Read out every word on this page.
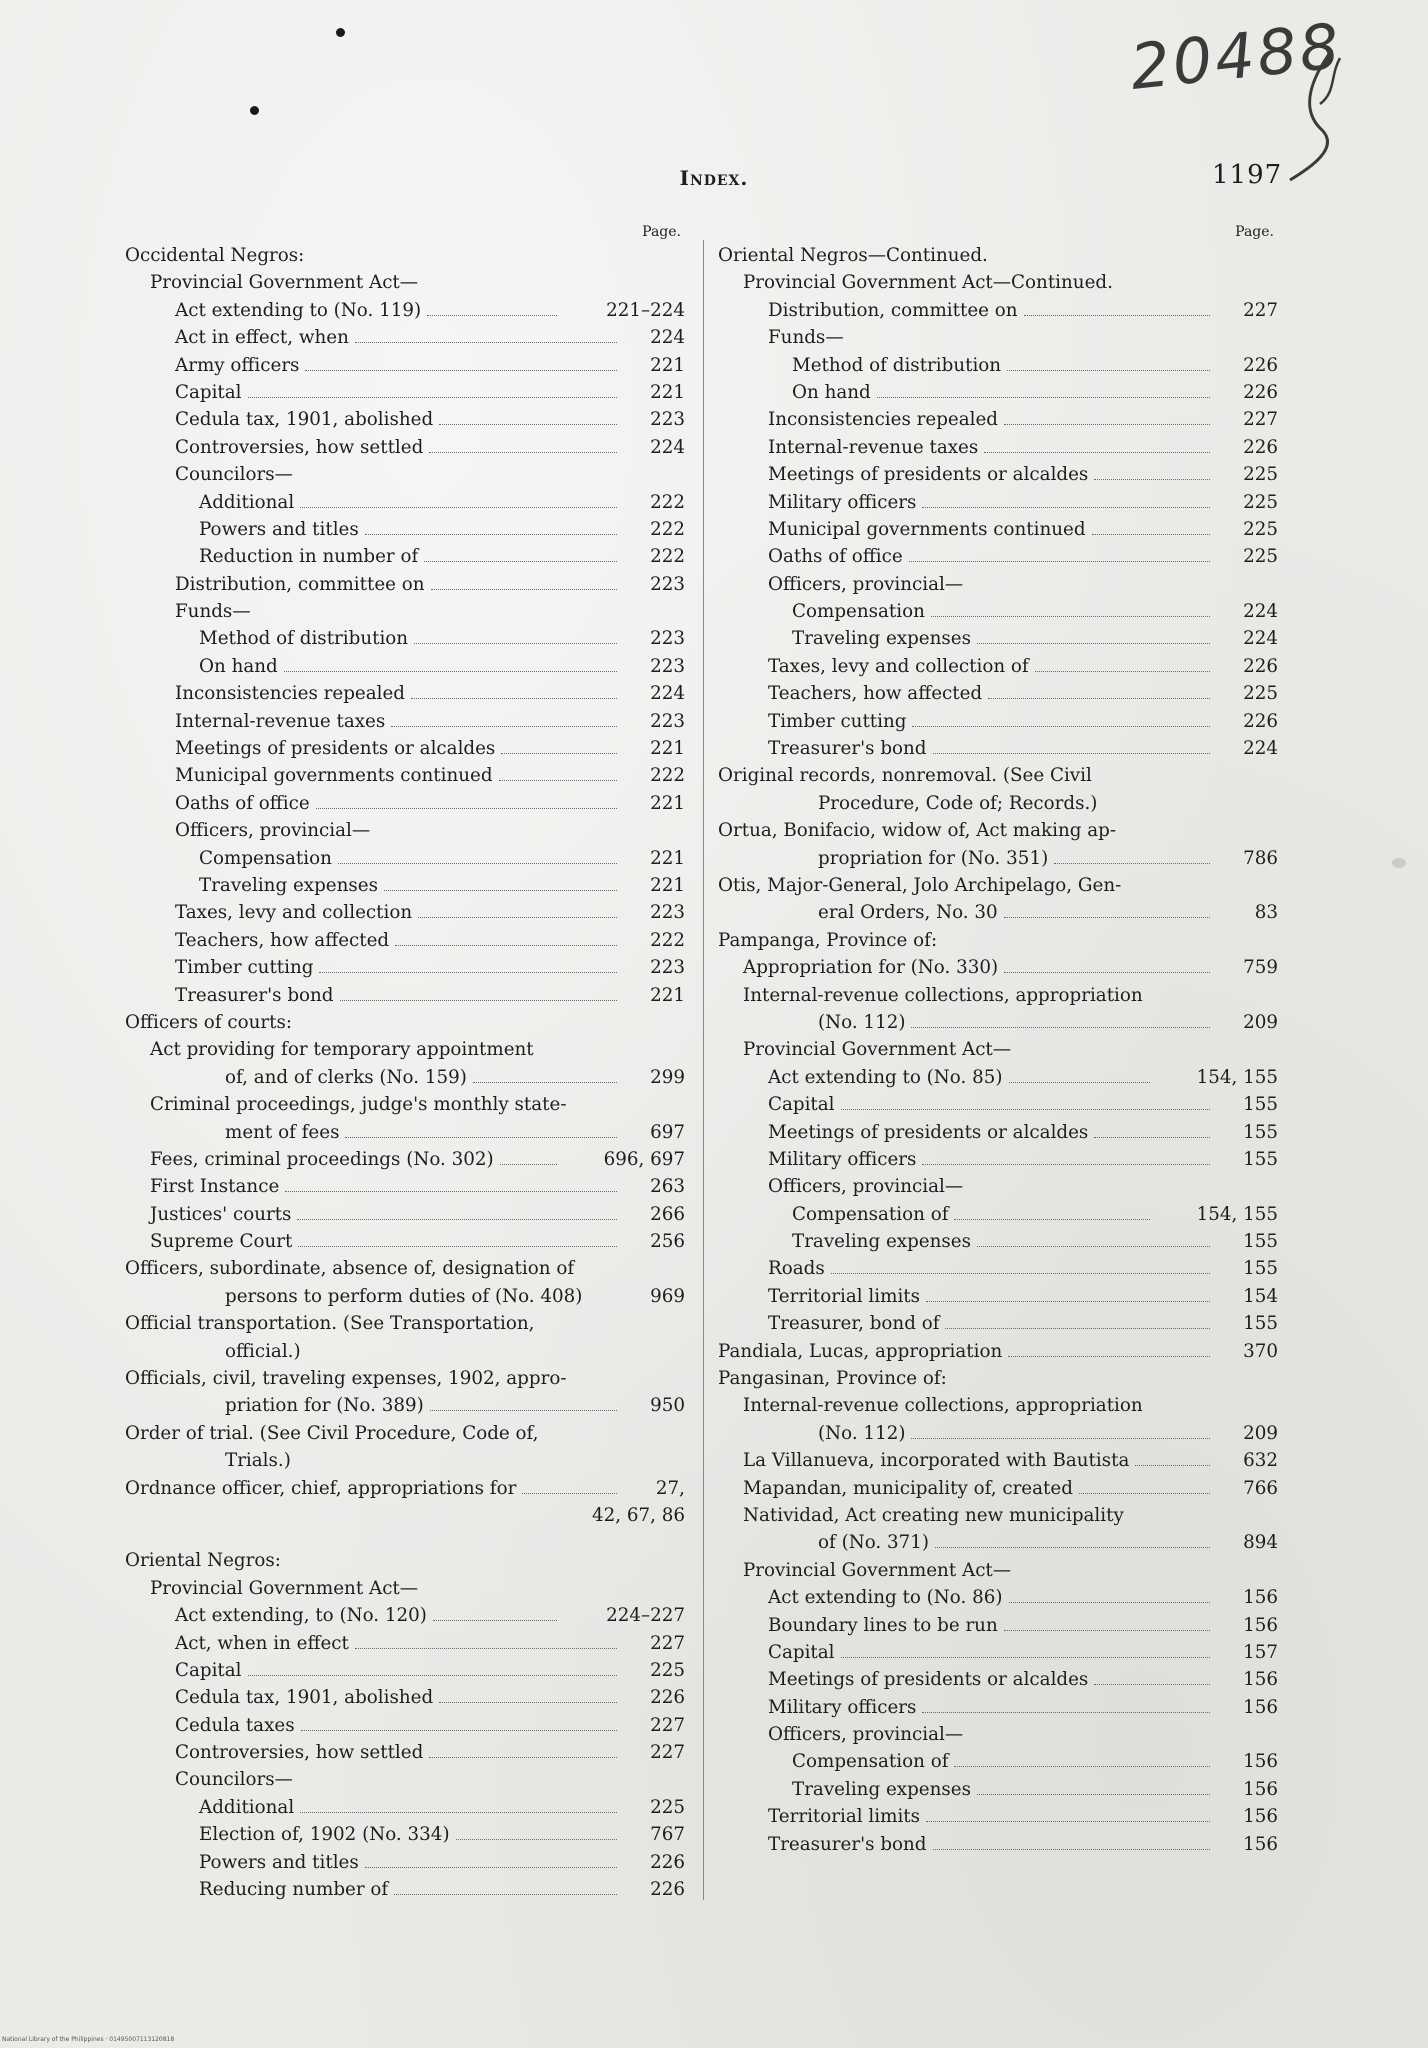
20488
Index.	1197
Page.
Occidental Negros:
Provincial Government Act—
Act extending to (No. 119)	221–224
Act in effect, when	224
Army officers	221
Capital	221
Cedula tax, 1901, abolished	223
Controversies, how settled	224
Councilors—
Additional	222
Powers and titles	222
Reduction in number of	222
Distribution, committee on	223
Funds—
Method of distribution	223
On hand	223
Inconsistencies repealed	224
Internal-revenue taxes	223
Meetings of presidents or alcaldes	221
Municipal governments continued	222
Oaths of office	221
Officers, provincial—
Compensation	221
Traveling expenses	221
Taxes, levy and collection	223
Teachers, how affected	222
Timber cutting	223
Treasurer's bond	221
Officers of courts:
Act providing for temporary appointment
of, and of clerks (No. 159)	299
Criminal proceedings, judge's monthly state-
ment of fees	697
Fees, criminal proceedings (No. 302)	696, 697
First Instance	263
Justices' courts	266
Supreme Court	256
Officers, subordinate, absence of, designation of
persons to perform duties of (No. 408)	969
Official transportation. (See Transportation,
official.)
Officials, civil, traveling expenses, 1902, appro-
priation for (No. 389)	950
Order of trial. (See Civil Procedure, Code of,
Trials.)
Ordnance officer, chief, appropriations for	27,
42, 67, 86
Oriental Negros:
Provincial Government Act—
Act extending, to (No. 120)	224–227
Act, when in effect	227
Capital	225
Cedula tax, 1901, abolished	226
Cedula taxes	227
Controversies, how settled	227
Councilors—
Additional	225
Election of, 1902 (No. 334)	767
Powers and titles	226
Reducing number of	226
Page.
Oriental Negros—Continued.
Provincial Government Act—Continued.
Distribution, committee on	227
Funds—
Method of distribution	226
On hand	226
Inconsistencies repealed	227
Internal-revenue taxes	226
Meetings of presidents or alcaldes	225
Military officers	225
Municipal governments continued	225
Oaths of office	225
Officers, provincial—
Compensation	224
Traveling expenses	224
Taxes, levy and collection of	226
Teachers, how affected	225
Timber cutting	226
Treasurer's bond	224
Original records, nonremoval. (See Civil
Procedure, Code of; Records.)
Ortua, Bonifacio, widow of, Act making ap-
propriation for (No. 351)	786
Otis, Major-General, Jolo Archipelago, Gen-
eral Orders, No. 30	83
Pampanga, Province of:
Appropriation for (No. 330)	759
Internal-revenue collections, appropriation
(No. 112)	209
Provincial Government Act—
Act extending to (No. 85)	154, 155
Capital	155
Meetings of presidents or alcaldes	155
Military officers	155
Officers, provincial—
Compensation of	154, 155
Traveling expenses	155
Roads	155
Territorial limits	154
Treasurer, bond of	155
Pandiala, Lucas, appropriation	370
Pangasinan, Province of:
Internal-revenue collections, appropriation
(No. 112)	209
La Villanueva, incorporated with Bautista	632
Mapandan, municipality of, created	766
Natividad, Act creating new municipality
of (No. 371)	894
Provincial Government Act—
Act extending to (No. 86)	156
Boundary lines to be run	156
Capital	157
Meetings of presidents or alcaldes	156
Military officers	156
Officers, provincial—
Compensation of	156
Traveling expenses	156
Territorial limits	156
Treasurer's bond	156
National Library of the Philippines · 01495007113120818
